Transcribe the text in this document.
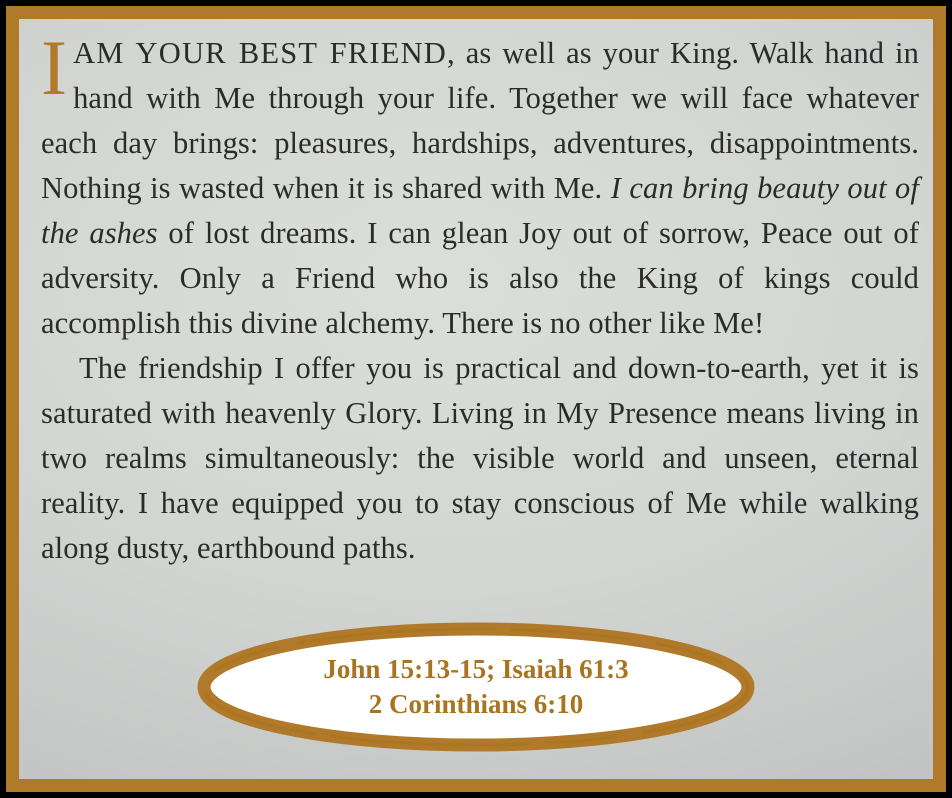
IAM YOUR BEST FRIEND, as well as your King. Walk hand in hand with Me through your life. Together we will face whatever each day brings: pleasures, hardships, adventures, disappointments. Nothing is wasted when it is shared with Me. I can bring beauty out of the ashes of lost dreams. I can glean Joy out of sorrow, Peace out of adversity. Only a Friend who is also the King of kings could accomplish this divine alchemy. There is no other like Me!

The friendship I offer you is practical and down-to-earth, yet it is saturated with heavenly Glory. Living in My Presence means living in two realms simultaneously: the visible world and unseen, eternal reality. I have equipped you to stay conscious of Me while walking along dusty, earthbound paths.

John 15:13-15; Isaiah 61:3
2 Corinthians 6:10
